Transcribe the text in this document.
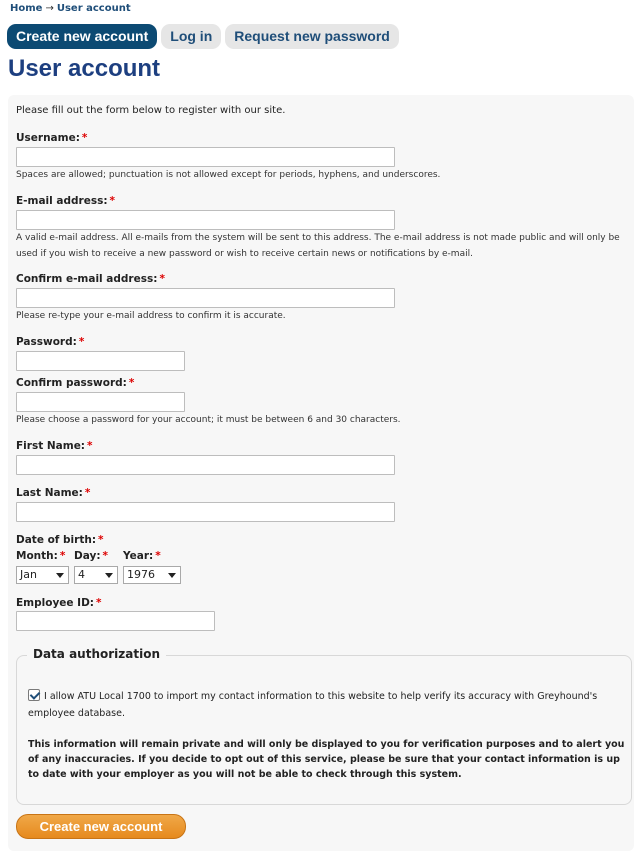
Home → User account
Create new account	Log in	Request new password
User account
Please fill out the form below to register with our site.
Username: *
Spaces are allowed; punctuation is not allowed except for periods, hyphens, and underscores.
E-mail address: *
A valid e-mail address. All e-mails from the system will be sent to this address. The e-mail address is not made public and will only be used if you wish to receive a new password or wish to receive certain news or notifications by e-mail.
Confirm e-mail address: *
Please re-type your e-mail address to confirm it is accurate.
Password: *
Confirm password: *
Please choose a password for your account; it must be between 6 and 30 characters.
First Name: *
Last Name: *
Date of birth: *
Month: * Day: * Year: *
Jan	4	1976
Employee ID: *
Data authorization
I allow ATU Local 1700 to import my contact information to this website to help verify its accuracy with Greyhound's employee database.
This information will remain private and will only be displayed to you for verification purposes and to alert you of any inaccuracies. If you decide to opt out of this service, please be sure that your contact information is up to date with your employer as you will not be able to check through this system.
Create new account
